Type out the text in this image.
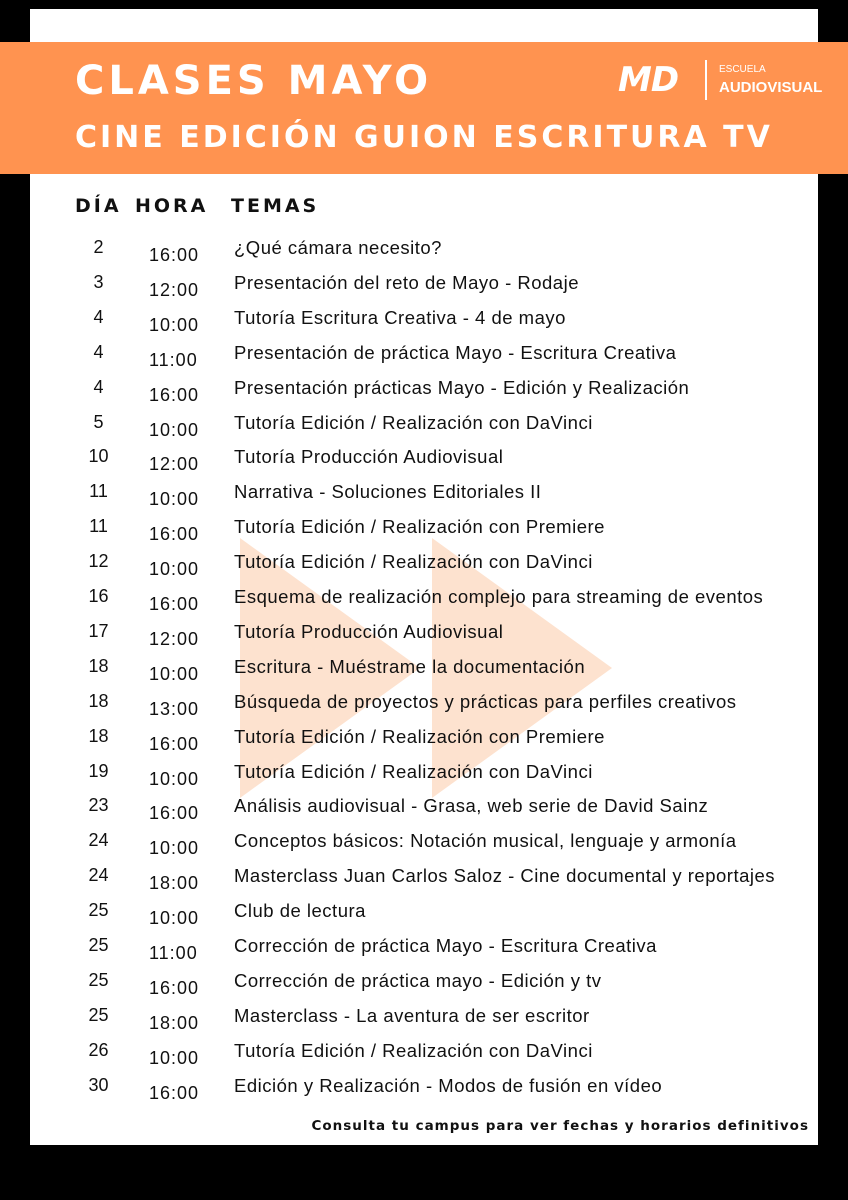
CLASES MAYO
CINE EDICIÓN GUION ESCRITURA TV
MD	ESCUELA
AUDIOVISUAL
DÍA HORA TEMAS
2	16:00 ¿Qué cámara necesito?
3	12:00 Presentación del reto de Mayo - Rodaje
4	10:00 Tutoría Escritura Creativa - 4 de mayo
4	11:00 Presentación de práctica Mayo - Escritura Creativa
4	16:00 Presentación prácticas Mayo - Edición y Realización
5	10:00 Tutoría Edición / Realización con DaVinci
10	12:00 Tutoría Producción Audiovisual
11	10:00 Narrativa - Soluciones Editoriales II
11	16:00 Tutoría Edición / Realización con Premiere
12	10:00 Tutoría Edición / Realización con DaVinci
16	16:00 Esquema de realización complejo para streaming de eventos
17	12:00 Tutoría Producción Audiovisual
18	10:00 Escritura - Muéstrame la documentación
18	13:00 Búsqueda de proyectos y prácticas para perfiles creativos
18	16:00 Tutoría Edición / Realización con Premiere
19	10:00 Tutoría Edición / Realización con DaVinci
23	16:00 Análisis audiovisual - Grasa, web serie de David Sainz
24	10:00 Conceptos básicos: Notación musical, lenguaje y armonía
24	18:00 Masterclass Juan Carlos Saloz - Cine documental y reportajes
25	10:00 Club de lectura
25	11:00 Corrección de práctica Mayo - Escritura Creativa
25	16:00 Corrección de práctica mayo - Edición y tv
25	18:00 Masterclass - La aventura de ser escritor
26	10:00 Tutoría Edición / Realización con DaVinci
30	16:00 Edición y Realización - Modos de fusión en vídeo
Consulta tu campus para ver fechas y horarios definitivos
